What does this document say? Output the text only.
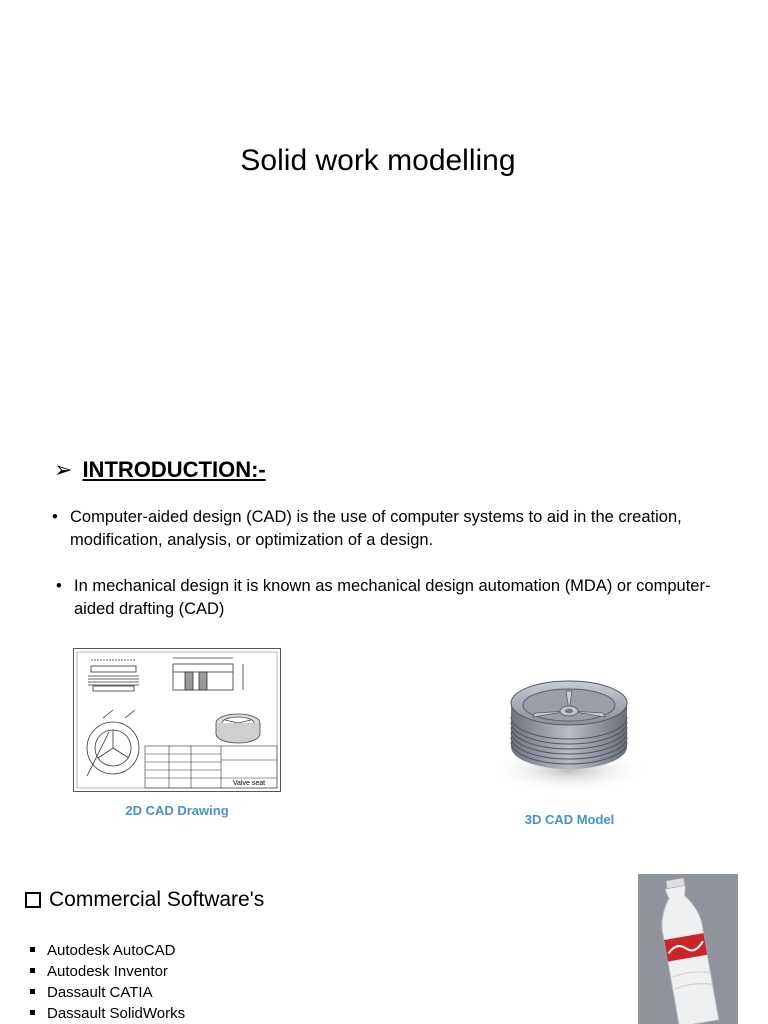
Solid work modelling
➢ INTRODUCTION:-
• Computer-aided design (CAD) is the use of computer systems to aid in the creation, modification, analysis, or optimization of a design.
• In mechanical design it is known as mechanical design automation (MDA) or computer-aided drafting (CAD)
Valve seat
2D CAD Drawing
3D CAD Model
Commercial Software's
Autodesk AutoCAD
Autodesk Inventor
Dassault CATIA
Dassault SolidWorks
